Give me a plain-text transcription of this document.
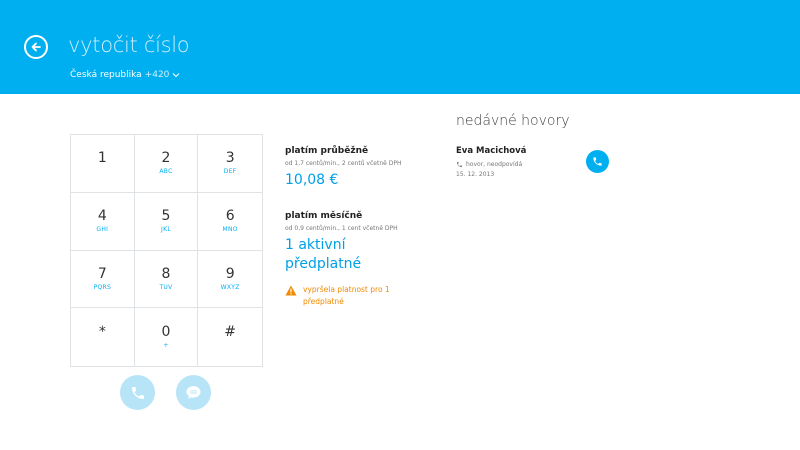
vytočit číslo
Česká republika +420
1	2
ABC
3
DEF
4
GHI
5
JKL
6
MNO
7
PQRS
8
TUV
9
WXYZ
*	0
+
#
platím průběžně
od 1,7 centů/min., 2 centů včetně DPH
10,08 €
platím měsíčně
od 0,9 centů/min., 1 cent včetně DPH
1 aktivní
předplatné
vypršela platnost pro 1
předplatné
nedávné hovory
Eva Macichová
hovor, neodpovídá
15. 12. 2013
